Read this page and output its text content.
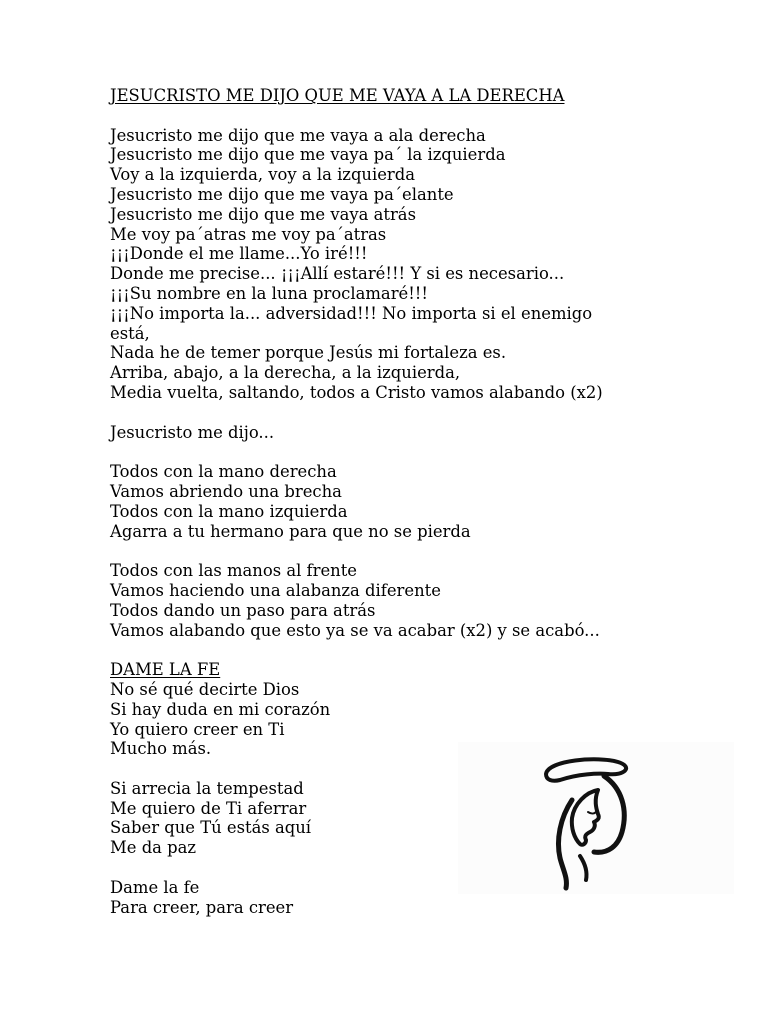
JESUCRISTO ME DIJO QUE ME VAYA A LA DERECHA
Jesucristo me dijo que me vaya a ala derecha
Jesucristo me dijo que me vaya pa´ la izquierda
Voy a la izquierda, voy a la izquierda
Jesucristo me dijo que me vaya pa´elante
Jesucristo me dijo que me vaya atrás
Me voy pa´atras me voy pa´atras
¡¡¡Donde el me llame...Yo iré!!!
Donde me precise... ¡¡¡Allí estaré!!! Y si es necesario...
¡¡¡Su nombre en la luna proclamaré!!!
¡¡¡No importa la... adversidad!!! No importa si el enemigo
está,
Nada he de temer porque Jesús mi fortaleza es.
Arriba, abajo, a la derecha, a la izquierda,
Media vuelta, saltando, todos a Cristo vamos alabando (x2)
Jesucristo me dijo...
Todos con la mano derecha
Vamos abriendo una brecha
Todos con la mano izquierda
Agarra a tu hermano para que no se pierda
Todos con las manos al frente
Vamos haciendo una alabanza diferente
Todos dando un paso para atrás
Vamos alabando que esto ya se va acabar (x2) y se acabó...
DAME LA FE
No sé qué decirte Dios
Si hay duda en mi corazón
Yo quiero creer en Ti
Mucho más.
Si arrecia la tempestad
Me quiero de Ti aferrar
Saber que Tú estás aquí
Me da paz
Dame la fe
Para creer, para creer
